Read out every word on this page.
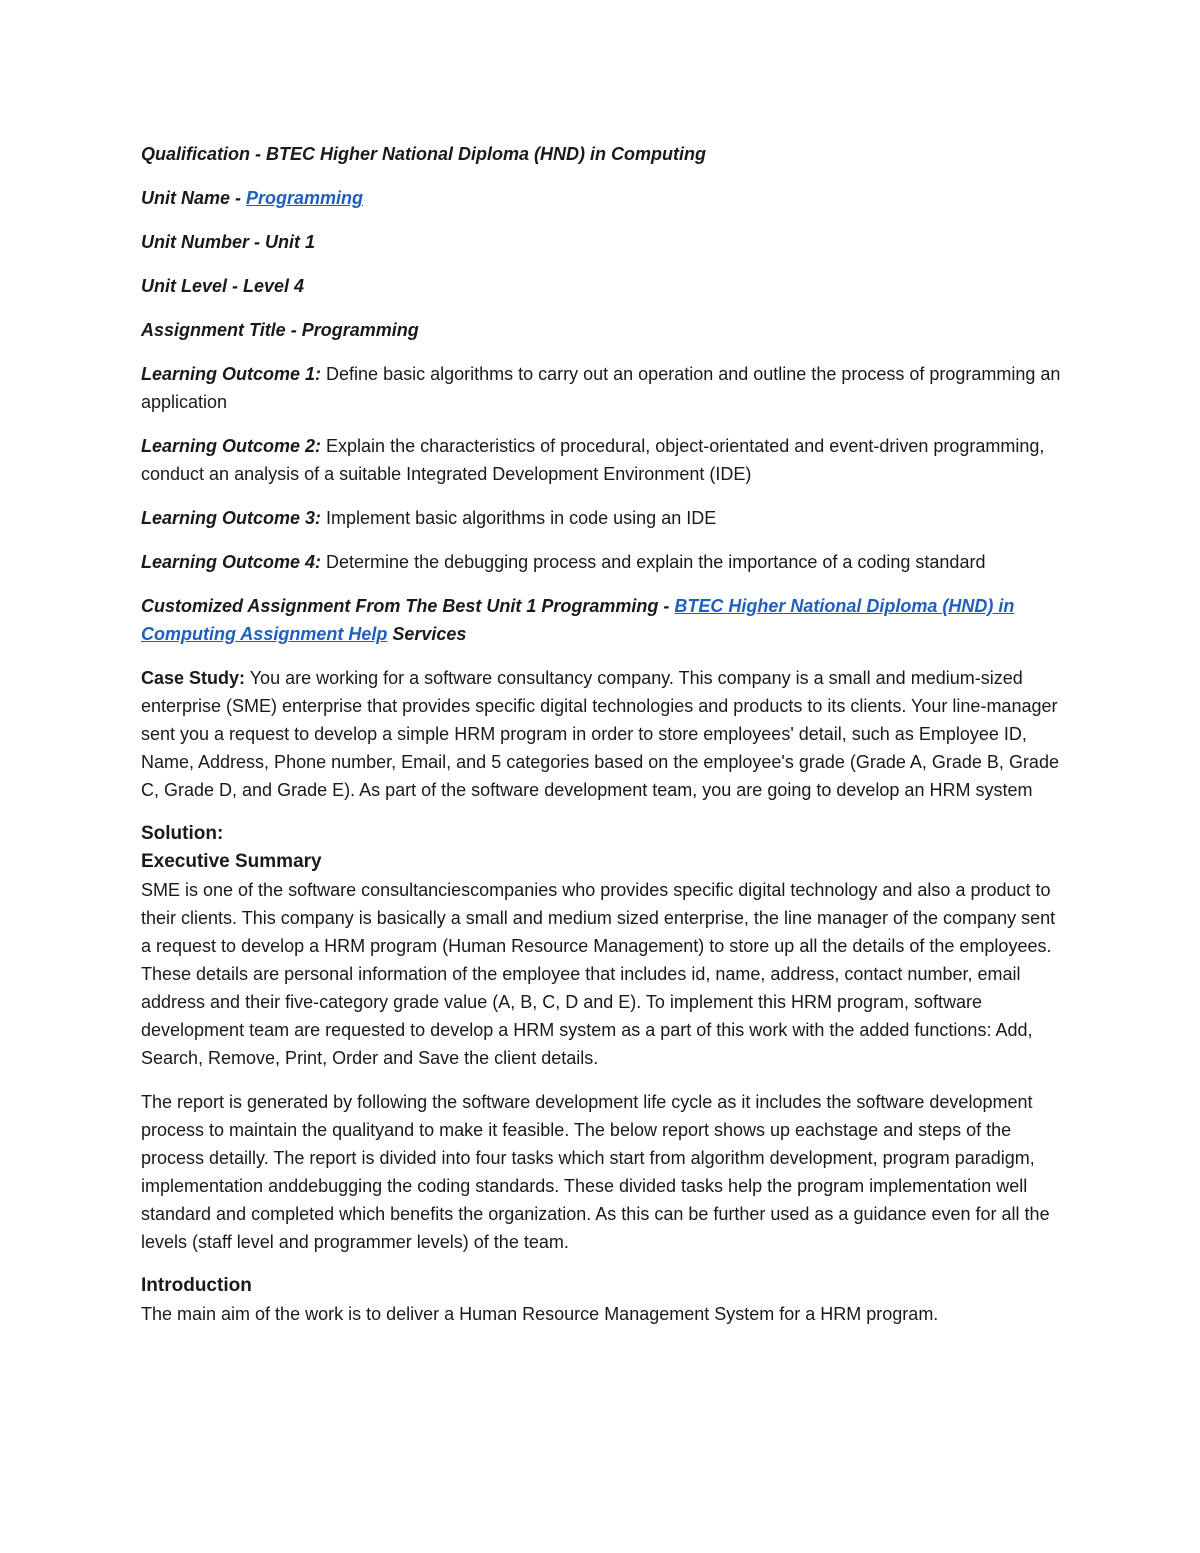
Qualification - BTEC Higher National Diploma (HND) in Computing

Unit Name - Programming

Unit Number - Unit 1

Unit Level - Level 4

Assignment Title - Programming

Learning Outcome 1: Define basic algorithms to carry out an operation and outline the process of programming an application

Learning Outcome 2: Explain the characteristics of procedural, object-orientated and event-driven programming, conduct an analysis of a suitable Integrated Development Environment (IDE)

Learning Outcome 3: Implement basic algorithms in code using an IDE

Learning Outcome 4: Determine the debugging process and explain the importance of a coding standard

Customized Assignment From The Best Unit 1 Programming - BTEC Higher National Diploma (HND) in Computing Assignment Help Services

Case Study: You are working for a software consultancy company. This company is a small and medium-sized enterprise (SME) enterprise that provides specific digital technologies and products to its clients. Your line-manager sent you a request to develop a simple HRM program in order to store employees' detail, such as Employee ID, Name, Address, Phone number, Email, and 5 categories based on the employee's grade (Grade A, Grade B, Grade C, Grade D, and Grade E). As part of the software development team, you are going to develop an HRM system

Solution:
Executive Summary

SME is one of the software consultanciescompanies who provides specific digital technology and also a product to their clients. This company is basically a small and medium sized enterprise, the line manager of the company sent a request to develop a HRM program (Human Resource Management) to store up all the details of the employees. These details are personal information of the employee that includes id, name, address, contact number, email address and their five-category grade value (A, B, C, D and E). To implement this HRM program, software development team are requested to develop a HRM system as a part of this work with the added functions: Add, Search, Remove, Print, Order and Save the client details.

The report is generated by following the software development life cycle as it includes the software development process to maintain the qualityand to make it feasible. The below report shows up eachstage and steps of the process detailly. The report is divided into four tasks which start from algorithm development, program paradigm, implementation anddebugging the coding standards. These divided tasks help the program implementation well standard and completed which benefits the organization. As this can be further used as a guidance even for all the levels (staff level and programmer levels) of the team.

Introduction

The main aim of the work is to deliver a Human Resource Management System for a HRM program.
